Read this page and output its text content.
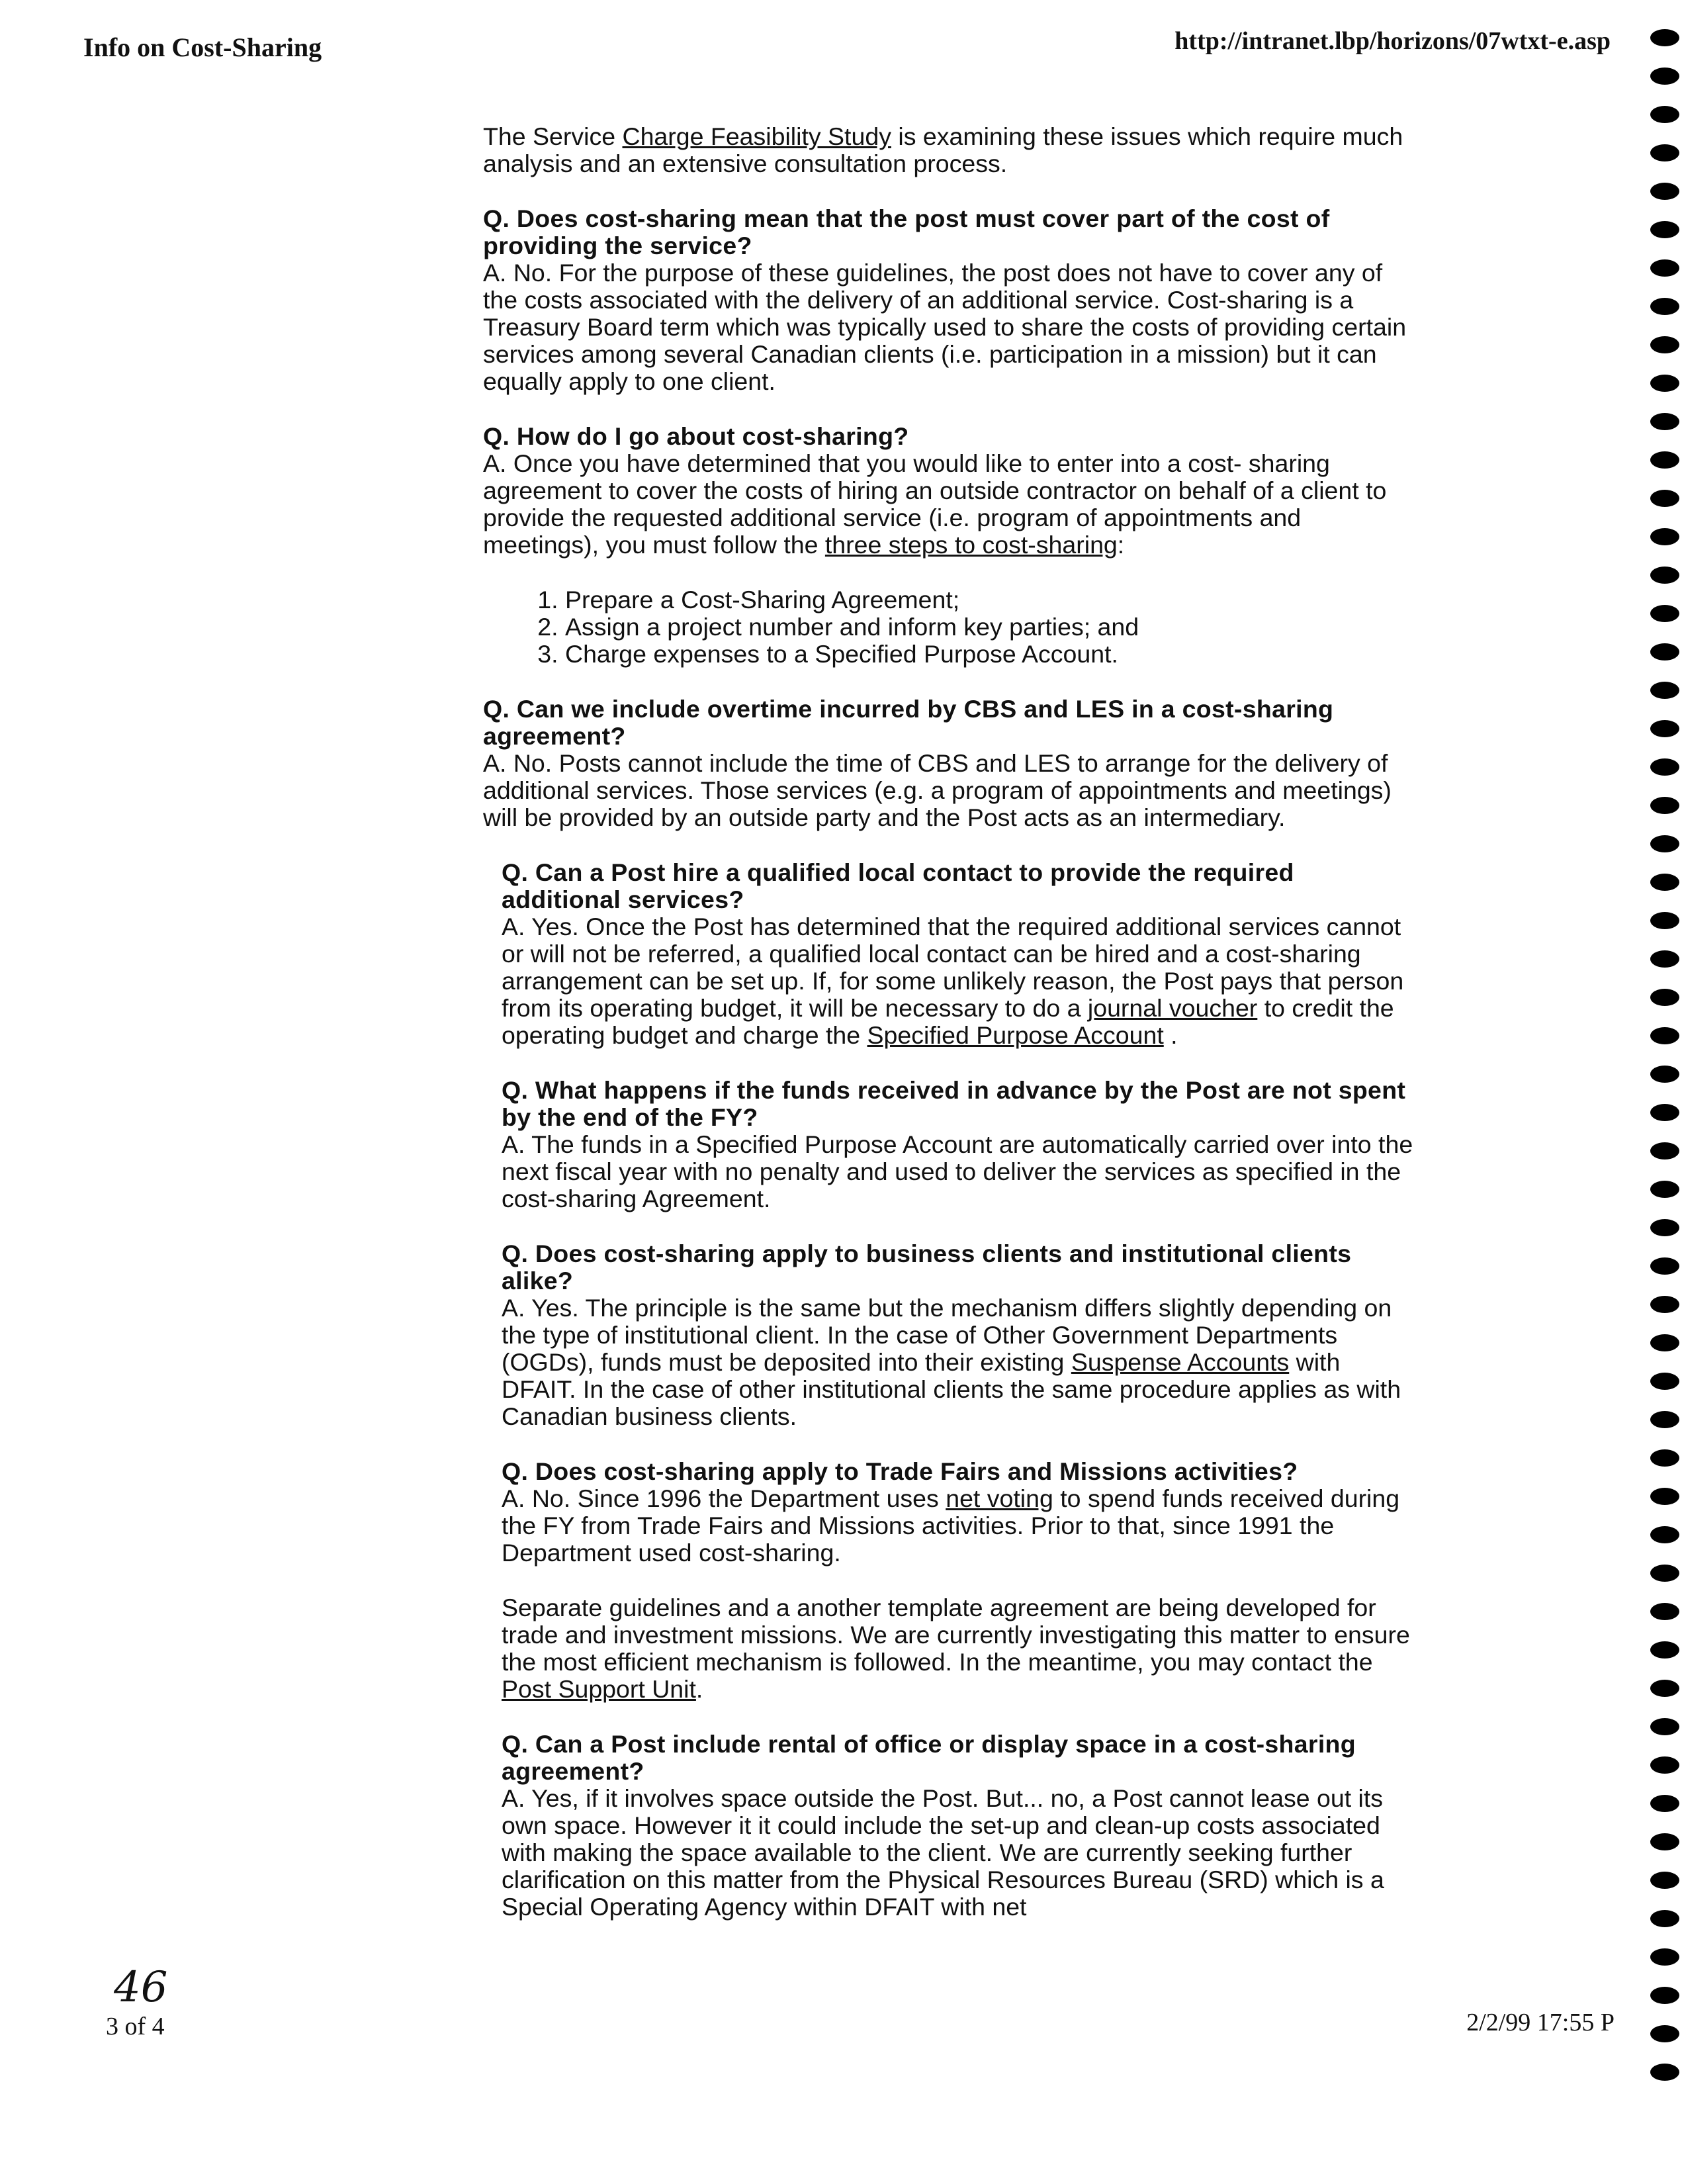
Info on Cost-Sharing	http://intranet.lbp/horizons/07wtxt-e.asp

The Service Charge Feasibility Study is examining these issues which require much analysis and an extensive consultation process.

Q. Does cost-sharing mean that the post must cover part of the cost of providing the service?

A. No. For the purpose of these guidelines, the post does not have to cover any of the costs associated with the delivery of an additional service. Cost-sharing is a Treasury Board term which was typically used to share the costs of providing certain services among several Canadian clients (i.e. participation in a mission) but it can equally apply to one client.

Q. How do I go about cost-sharing?

A. Once you have determined that you would like to enter into a cost- sharing agreement to cover the costs of hiring an outside contractor on behalf of a client to provide the requested additional service (i.e. program of appointments and meetings), you must follow the three steps to cost-sharing:

1. Prepare a Cost-Sharing Agreement;
2. Assign a project number and inform key parties; and
3. Charge expenses to a Specified Purpose Account.

Q. Can we include overtime incurred by CBS and LES in a cost-sharing agreement?

A. No. Posts cannot include the time of CBS and LES to arrange for the delivery of additional services. Those services (e.g. a program of appointments and meetings) will be provided by an outside party and the Post acts as an intermediary.

Q. Can a Post hire a qualified local contact to provide the required additional services?

A. Yes. Once the Post has determined that the required additional services cannot or will not be referred, a qualified local contact can be hired and a cost-sharing arrangement can be set up. If, for some unlikely reason, the Post pays that person from its operating budget, it will be necessary to do a journal voucher to credit the operating budget and charge the Specified Purpose Account .

Q. What happens if the funds received in advance by the Post are not spent by the end of the FY?

A. The funds in a Specified Purpose Account are automatically carried over into the next fiscal year with no penalty and used to deliver the services as specified in the cost-sharing Agreement.

Q. Does cost-sharing apply to business clients and institutional clients alike?

A. Yes. The principle is the same but the mechanism differs slightly depending on the type of institutional client. In the case of Other Government Departments (OGDs), funds must be deposited into their existing Suspense Accounts with DFAIT. In the case of other institutional clients the same procedure applies as with Canadian business clients.

Q. Does cost-sharing apply to Trade Fairs and Missions activities?

A. No. Since 1996 the Department uses net voting to spend funds received during the FY from Trade Fairs and Missions activities. Prior to that, since 1991 the Department used cost-sharing.

Separate guidelines and a another template agreement are being developed for trade and investment missions. We are currently investigating this matter to ensure the most efficient mechanism is followed. In the meantime, you may contact the Post Support Unit.

Q. Can a Post include rental of office or display space in a cost-sharing agreement?

A. Yes, if it involves space outside the Post. But... no, a Post cannot lease out its own space. However it it could include the set-up and clean-up costs associated with making the space available to the client. We are currently seeking further clarification on this matter from the Physical Resources Bureau (SRD) which is a Special Operating Agency within DFAIT with net

46
3 of 4	2/2/99 17:55 P
